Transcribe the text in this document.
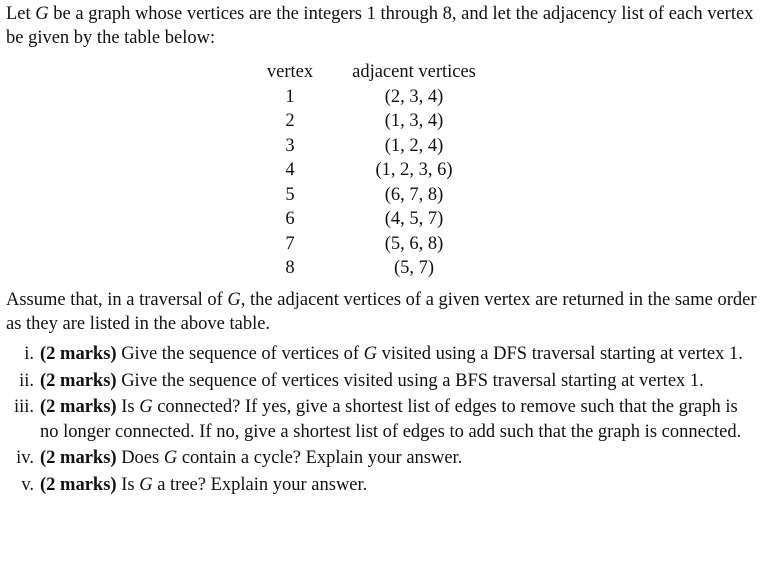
Let G be a graph whose vertices are the integers 1 through 8, and let the adjacency list of each vertex be given by the table below:

vertex	adjacent vertices
1	(2, 3, 4)
2	(1, 3, 4)
3	(1, 2, 4)
4	(1, 2, 3, 6)
5	(6, 7, 8)
6	(4, 5, 7)
7	(5, 6, 8)
8	(5, 7)

Assume that, in a traversal of G, the adjacent vertices of a given vertex are returned in the same order as they are listed in the above table.

i. (2 marks) Give the sequence of vertices of G visited using a DFS traversal starting at vertex 1.
ii. (2 marks) Give the sequence of vertices visited using a BFS traversal starting at vertex 1.
iii. (2 marks) Is G connected? If yes, give a shortest list of edges to remove such that the graph is no longer connected. If no, give a shortest list of edges to add such that the graph is connected.
iv. (2 marks) Does G contain a cycle? Explain your answer.
v. (2 marks) Is G a tree? Explain your answer.
